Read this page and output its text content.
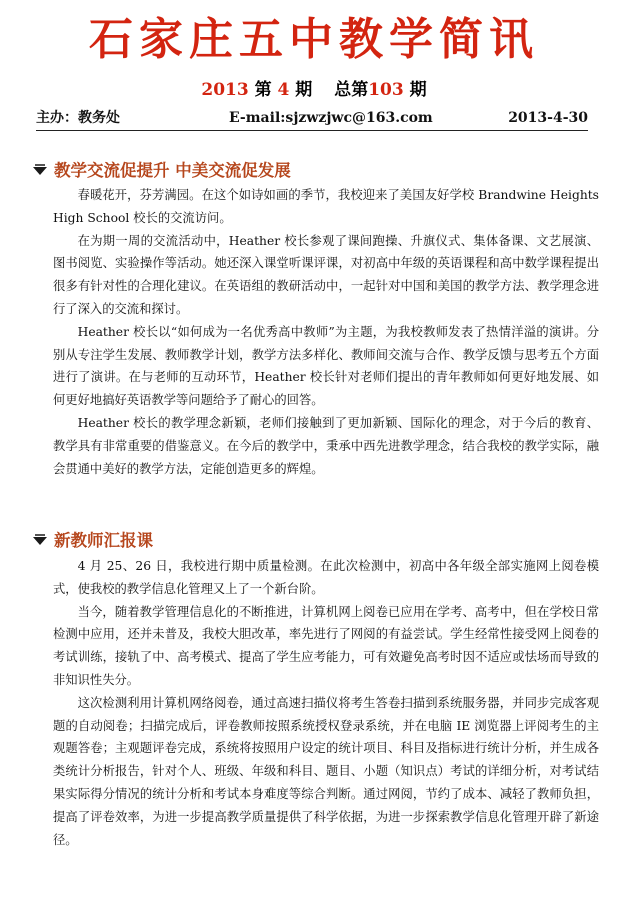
石家庄五中教学简讯
2013 第 4 期 总第103 期
主办：教务处	E-mail:sjzwzjwc@163.com	2013-4-30
教学交流促提升 中美交流促发展

春暖花开，芬芳满园。在这个如诗如画的季节，我校迎来了美国友好学校 Brandwine Heights High School 校长的交流访问。

在为期一周的交流活动中，Heather 校长参观了课间跑操、升旗仪式、集体备课、文艺展演、图书阅览、实验操作等活动。她还深入课堂听课评课，对初高中年级的英语课程和高中数学课程提出很多有针对性的合理化建议。在英语组的教研活动中，一起针对中国和美国的教学方法、教学理念进行了深入的交流和探讨。

Heather 校长以“如何成为一名优秀高中教师”为主题，为我校教师发表了热情洋溢的演讲。分别从专注学生发展、教师教学计划，教学方法多样化、教师间交流与合作、教学反馈与思考五个方面进行了演讲。在与老师的互动环节，Heather 校长针对老师们提出的青年教师如何更好地发展、如何更好地搞好英语教学等问题给予了耐心的回答。

Heather 校长的教学理念新颖，老师们接触到了更加新颖、国际化的理念，对于今后的教育、教学具有非常重要的借鉴意义。在今后的教学中，秉承中西先进教学理念，结合我校的教学实际，融会贯通中美好的教学方法，定能创造更多的辉煌。

新教师汇报课

4 月 25、26 日，我校进行期中质量检测。在此次检测中，初高中各年级全部实施网上阅卷模式，使我校的教学信息化管理又上了一个新台阶。

当今，随着教学管理信息化的不断推进，计算机网上阅卷已应用在学考、高考中，但在学校日常检测中应用，还并未普及，我校大胆改革，率先进行了网阅的有益尝试。学生经常性接受网上阅卷的考试训练，接轨了中、高考模式、提高了学生应考能力，可有效避免高考时因不适应或怯场而导致的非知识性失分。

这次检测利用计算机网络阅卷，通过高速扫描仪将考生答卷扫描到系统服务器，并同步完成客观题的自动阅卷；扫描完成后，评卷教师按照系统授权登录系统，并在电脑 IE 浏览器上评阅考生的主观题答卷；主观题评卷完成，系统将按照用户设定的统计项目、科目及指标进行统计分析，并生成各类统计分析报告，针对个人、班级、年级和科目、题目、小题（知识点）考试的详细分析，对考试结果实际得分情况的统计分析和考试本身难度等综合判断。通过网阅，节约了成本、减轻了教师负担，提高了评卷效率，为进一步提高教学质量提供了科学依据，为进一步探索教学信息化管理开辟了新途径。
